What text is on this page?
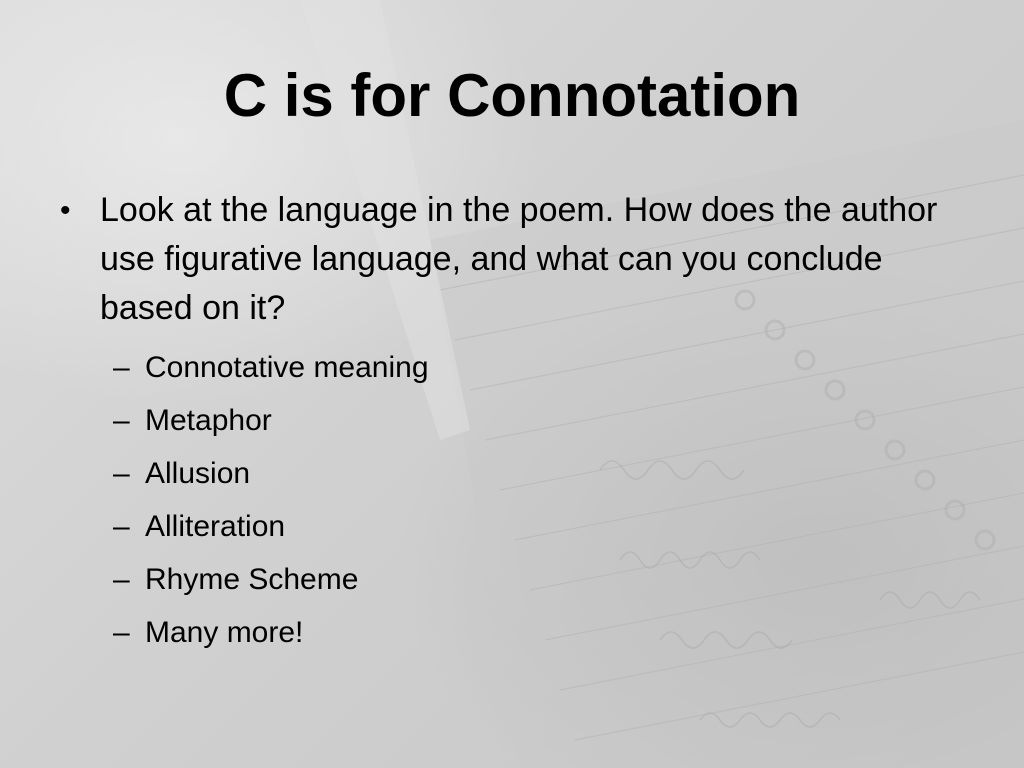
C is for Connotation

• Look at the language in the poem. How does the author use figurative language, and what can you conclude based on it?

– Connotative meaning
– Metaphor
– Allusion
– Alliteration
– Rhyme Scheme
– Many more!
